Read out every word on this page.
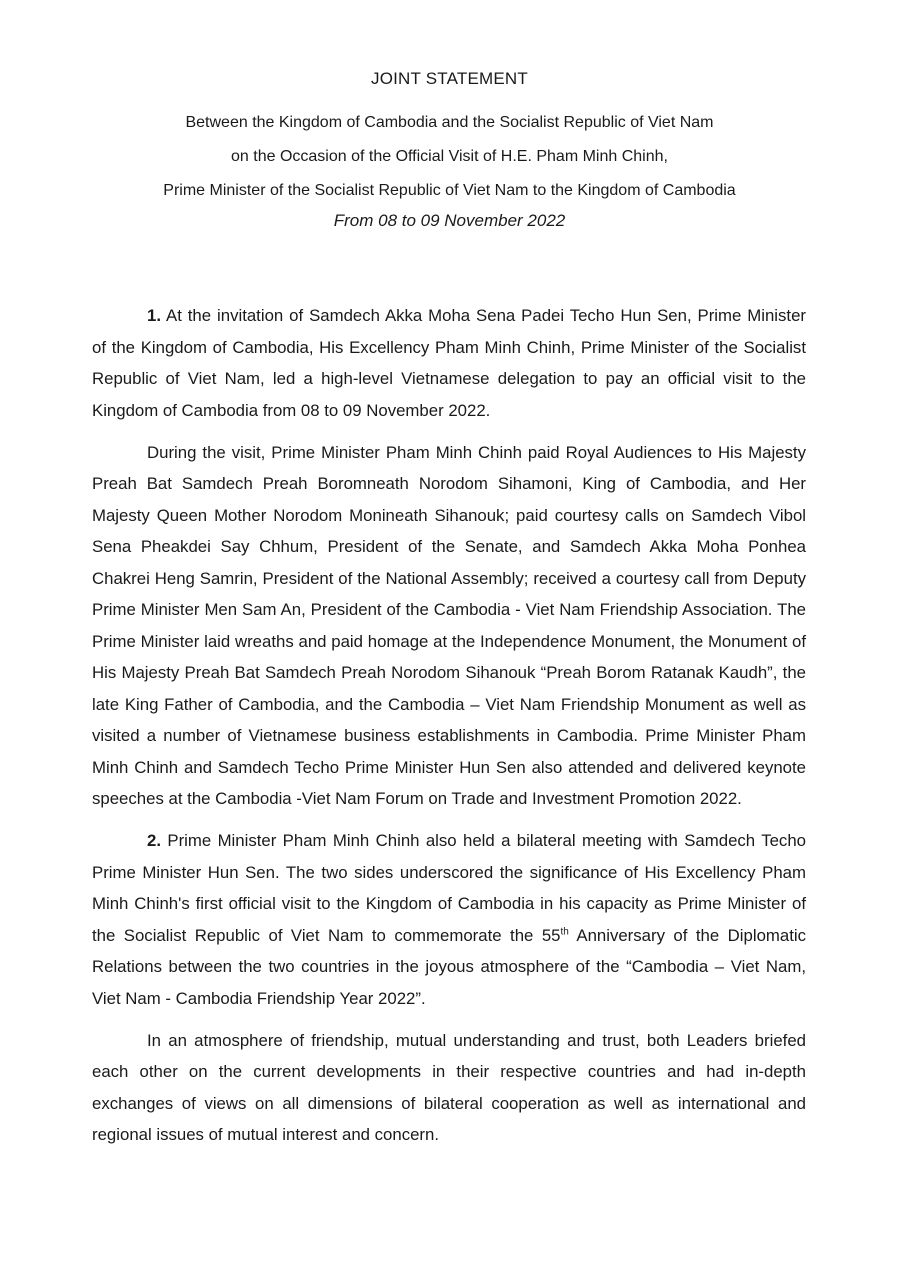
JOINT STATEMENT
Between the Kingdom of Cambodia and the Socialist Republic of Viet Nam
on the Occasion of the Official Visit of H.E. Pham Minh Chinh,
Prime Minister of the Socialist Republic of Viet Nam to the Kingdom of Cambodia
From 08 to 09 November 2022

1. At the invitation of Samdech Akka Moha Sena Padei Techo Hun Sen, Prime Minister of the Kingdom of Cambodia, His Excellency Pham Minh Chinh, Prime Minister of the Socialist Republic of Viet Nam, led a high-level Vietnamese delegation to pay an official visit to the Kingdom of Cambodia from 08 to 09 November 2022.

During the visit, Prime Minister Pham Minh Chinh paid Royal Audiences to His Majesty Preah Bat Samdech Preah Boromneath Norodom Sihamoni, King of Cambodia, and Her Majesty Queen Mother Norodom Monineath Sihanouk; paid courtesy calls on Samdech Vibol Sena Pheakdei Say Chhum, President of the Senate, and Samdech Akka Moha Ponhea Chakrei Heng Samrin, President of the National Assembly; received a courtesy call from Deputy Prime Minister Men Sam An, President of the Cambodia - Viet Nam Friendship Association. The Prime Minister laid wreaths and paid homage at the Independence Monument, the Monument of His Majesty Preah Bat Samdech Preah Norodom Sihanouk “Preah Borom Ratanak Kaudh”, the late King Father of Cambodia, and the Cambodia – Viet Nam Friendship Monument as well as visited a number of Vietnamese business establishments in Cambodia. Prime Minister Pham Minh Chinh and Samdech Techo Prime Minister Hun Sen also attended and delivered keynote speeches at the Cambodia -Viet Nam Forum on Trade and Investment Promotion 2022.

2. Prime Minister Pham Minh Chinh also held a bilateral meeting with Samdech Techo Prime Minister Hun Sen. The two sides underscored the significance of His Excellency Pham Minh Chinh's first official visit to the Kingdom of Cambodia in his capacity as Prime Minister of the Socialist Republic of Viet Nam to commemorate the 55th Anniversary of the Diplomatic Relations between the two countries in the joyous atmosphere of the “Cambodia – Viet Nam, Viet Nam - Cambodia Friendship Year 2022”.

In an atmosphere of friendship, mutual understanding and trust, both Leaders briefed each other on the current developments in their respective countries and had in-depth exchanges of views on all dimensions of bilateral cooperation as well as international and regional issues of mutual interest and concern.
